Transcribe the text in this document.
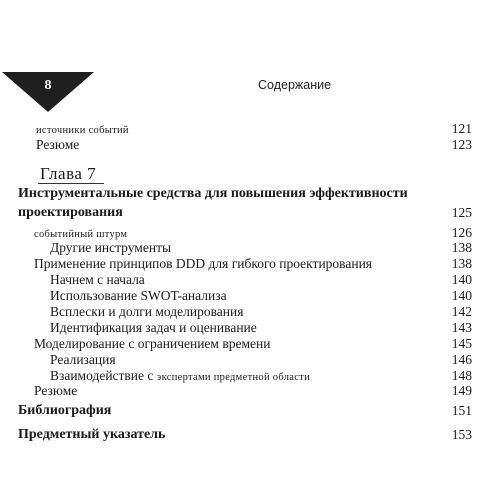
8	Содержание
источники событий	121
Резюме	123
Глава 7
Инструментальные средства для повышения эффективности
проектирования	125
событийный штурм	126
Другие инструменты	138
Применение принципов DDD для гибкого проектирования	138
Начнем с начала	140
Использование SWOT-анализа	140
Всплески и долги моделирования	142
Идентификация задач и оценивание	143
Моделирование с ограничением времени	145
Реализация	146
Взаимодействие с экспертами предметной области	148
Резюме	149
Библиография	151
Предметный указатель	153
